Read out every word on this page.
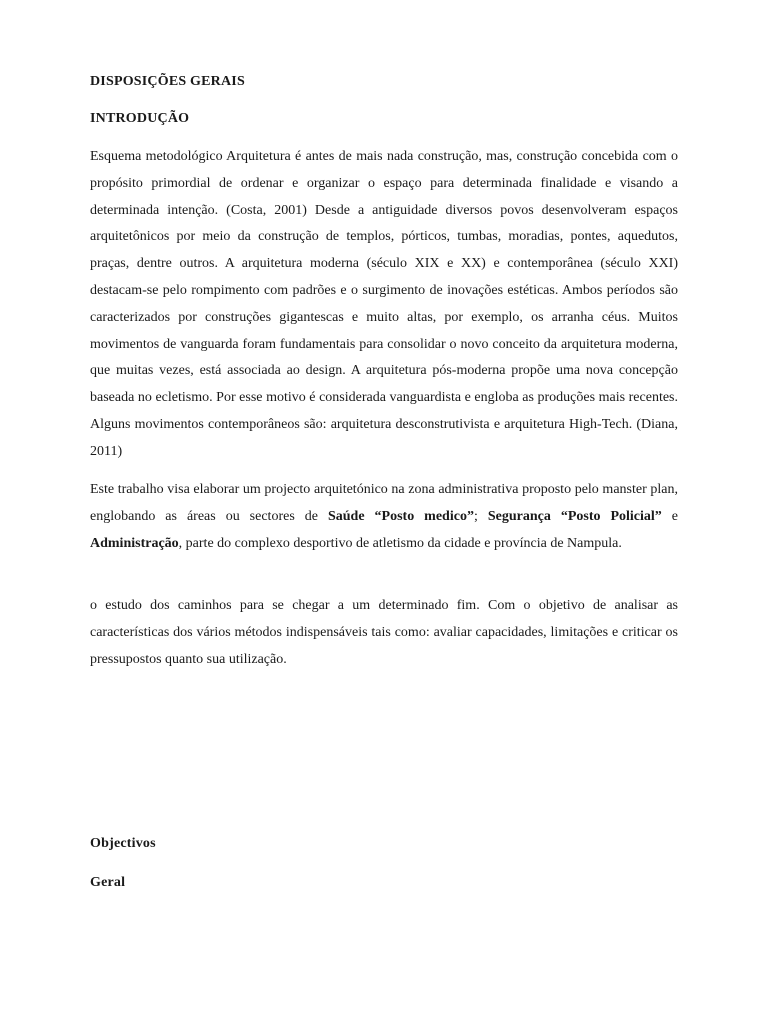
DISPOSIÇÕES GERAIS
INTRODUÇÃO

Esquema metodológico Arquitetura é antes de mais nada construção, mas, construção concebida com o propósito primordial de ordenar e organizar o espaço para determinada finalidade e visando a determinada intenção. (Costa, 2001) Desde a antiguidade diversos povos desenvolveram espaços arquitetônicos por meio da construção de templos, pórticos, tumbas, moradias, pontes, aquedutos, praças, dentre outros. A arquitetura moderna (século XIX e XX) e contemporânea (século XXI) destacam-se pelo rompimento com padrões e o surgimento de inovações estéticas. Ambos períodos são caracterizados por construções gigantescas e muito altas, por exemplo, os arranha céus. Muitos movimentos de vanguarda foram fundamentais para consolidar o novo conceito da arquitetura moderna, que muitas vezes, está associada ao design. A arquitetura pós-moderna propõe uma nova concepção baseada no ecletismo. Por esse motivo é considerada vanguardista e engloba as produções mais recentes. Alguns movimentos contemporâneos são: arquitetura desconstrutivista e arquitetura High-Tech. (Diana, 2011)

Este trabalho visa elaborar um projecto arquitetónico na zona administrativa proposto pelo manster plan, englobando as áreas ou sectores de Saúde “Posto medico”; Segurança “Posto Policial” e Administração, parte do complexo desportivo de atletismo da cidade e província de Nampula.

o estudo dos caminhos para se chegar a um determinado fim. Com o objetivo de analisar as características dos vários métodos indispensáveis tais como: avaliar capacidades, limitações e criticar os pressupostos quanto sua utilização.

Objectivos
Geral
